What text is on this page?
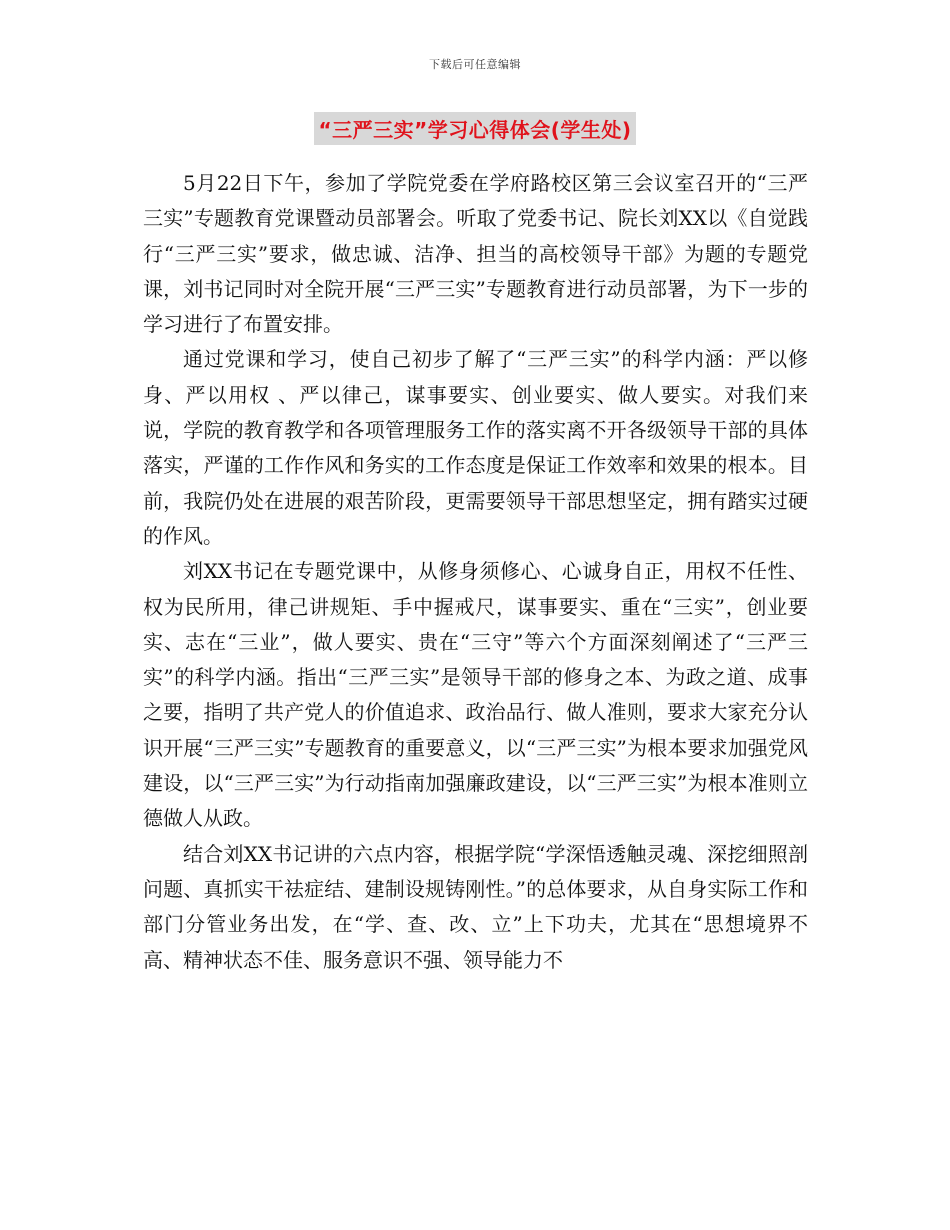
下载后可任意编辑
“三严三实”学习心得体会(学生处)

5月22日下午，参加了学院党委在学府路校区第三会议室召开的“三严三实”专题教育党课暨动员部署会。听取了党委书记、院长刘XX以《自觉践行“三严三实”要求，做忠诚、洁净、担当的高校领导干部》为题的专题党课，刘书记同时对全院开展“三严三实”专题教育进行动员部署，为下一步的学习进行了布置安排。

通过党课和学习，使自己初步了解了“三严三实”的科学内涵：严以修身、严以用权 、严以律己，谋事要实、创业要实、做人要实。对我们来说，学院的教育教学和各项管理服务工作的落实离不开各级领导干部的具体落实，严谨的工作作风和务实的工作态度是保证工作效率和效果的根本。目前，我院仍处在进展的艰苦阶段，更需要领导干部思想坚定，拥有踏实过硬的作风。

刘XX书记在专题党课中，从修身须修心、心诚身自正，用权不任性、权为民所用，律己讲规矩、手中握戒尺，谋事要实、重在“三实”，创业要实、志在“三业”，做人要实、贵在“三守”等六个方面深刻阐述了“三严三实”的科学内涵。指出“三严三实”是领导干部的修身之本、为政之道、成事之要，指明了共产党人的价值追求、政治品行、做人准则，要求大家充分认识开展“三严三实”专题教育的重要意义，以“三严三实”为根本要求加强党风建设，以“三严三实”为行动指南加强廉政建设，以“三严三实”为根本准则立德做人从政。

结合刘XX书记讲的六点内容，根据学院“学深悟透触灵魂、深挖细照剖问题、真抓实干祛症结、建制设规铸刚性。”的总体要求，从自身实际工作和部门分管业务出发，在“学、查、改、立”上下功夫，尤其在“思想境界不高、精神状态不佳、服务意识不强、领导能力不
